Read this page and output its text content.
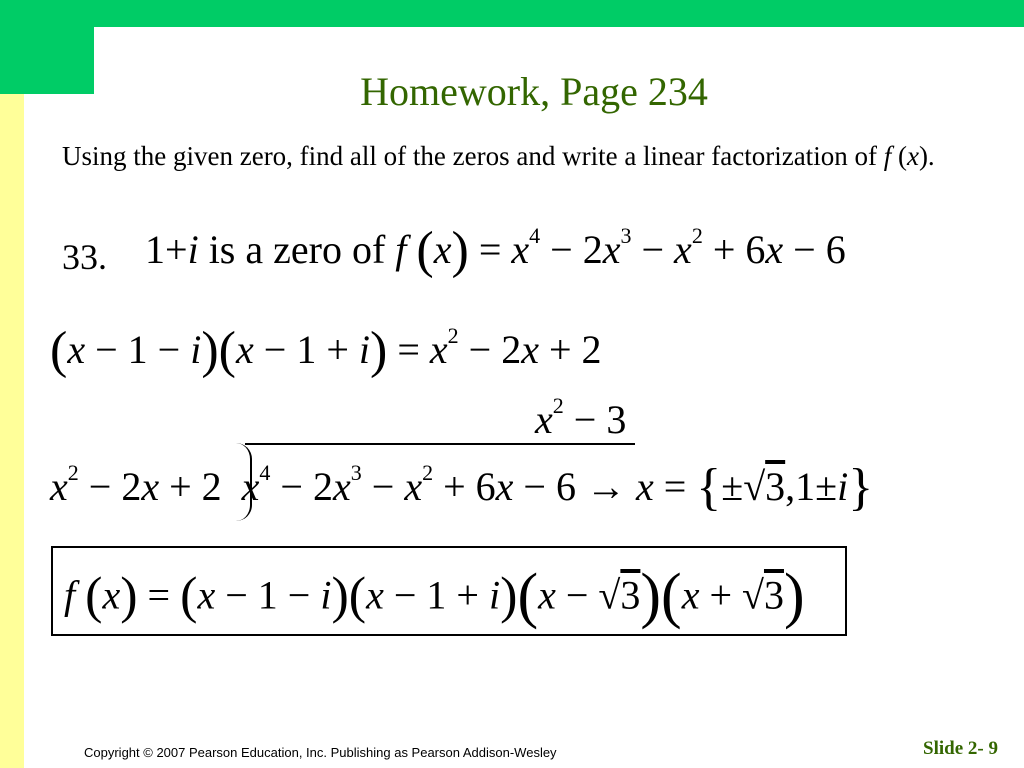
Homework, Page 234
Using the given zero, find all of the zeros and write a linear factorization of f (x).
33. 1+i is a zero of f $(x) = x^4 - 2x^3 - x^2 + 6x - 6$
$(x - 1 - i)(x - 1 + i) = x^2 - 2x + 2$
$x^2 - 3$
$x^2 - 2x + 2$  $x^4 - 2x^3 - x^2 + 6x - 6 \to x = \{\pm√3,1\pm i\}$
f (x) = (x − 1 − i)(x − 1 + i)(x − √3)(x + √3)
Copyright © 2007 Pearson Education, Inc. Publishing as Pearson Addison-Wesley	Slide 2- 9
